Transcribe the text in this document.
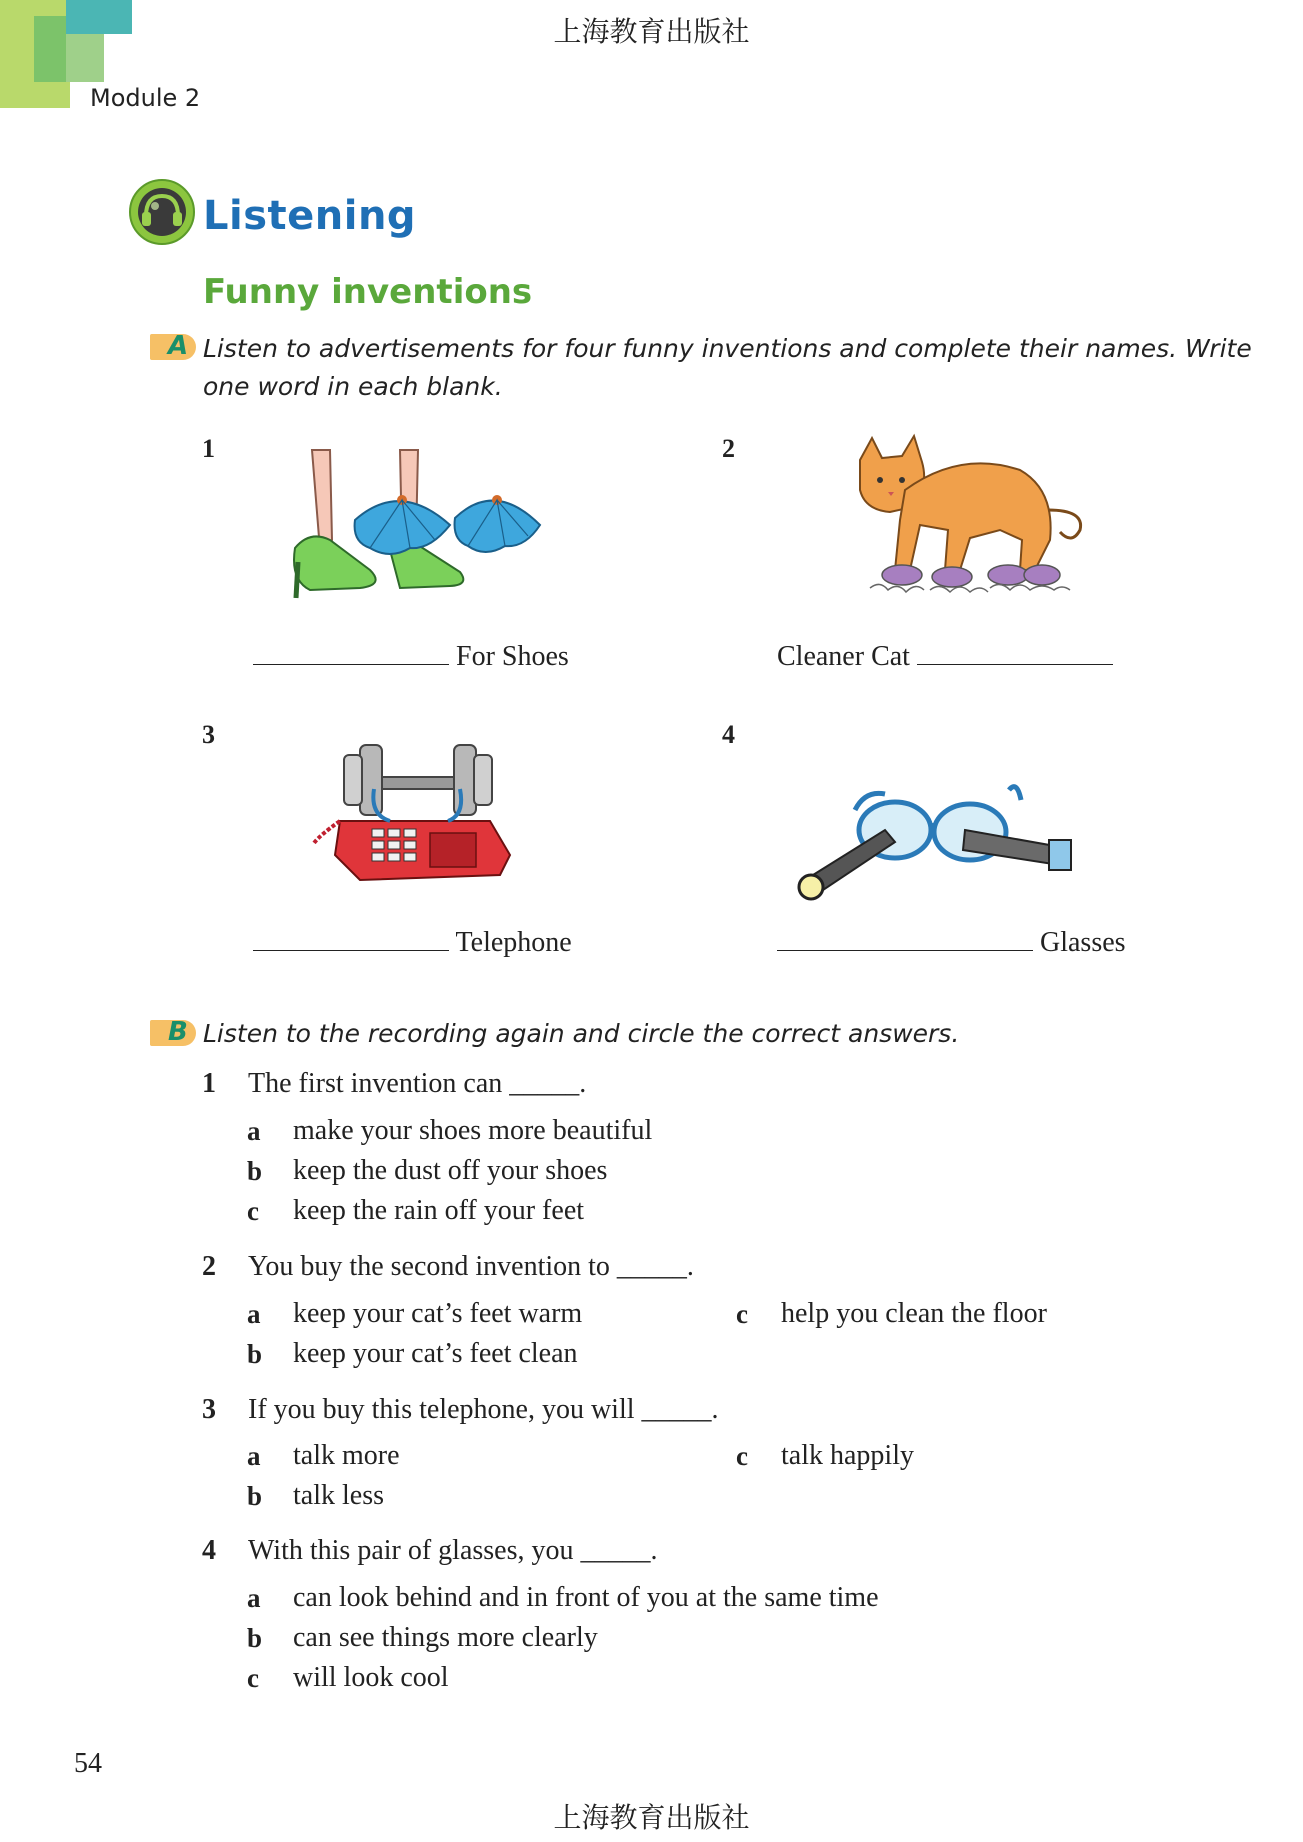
Module 2
上海教育出版社
Listening
Funny inventions
A Listen to advertisements for four funny inventions and complete their names. Write
one word in each blank.
1
For Shoes
2
Cleaner Cat
3
Telephone
4
Glasses
B Listen to the recording again and circle the correct answers.
1 The first invention can _____.
a make your shoes more beautiful
b keep the dust off your shoes
c keep the rain off your feet
2 You buy the second invention to _____.
a keep your cat’s feet warm
b keep your cat’s feet clean
c help you clean the floor
3 If you buy this telephone, you will _____.
a talk more
b talk less
c talk happily
4 With this pair of glasses, you _____.
a can look behind and in front of you at the same time
b can see things more clearly
c will look cool
54
上海教育出版社
